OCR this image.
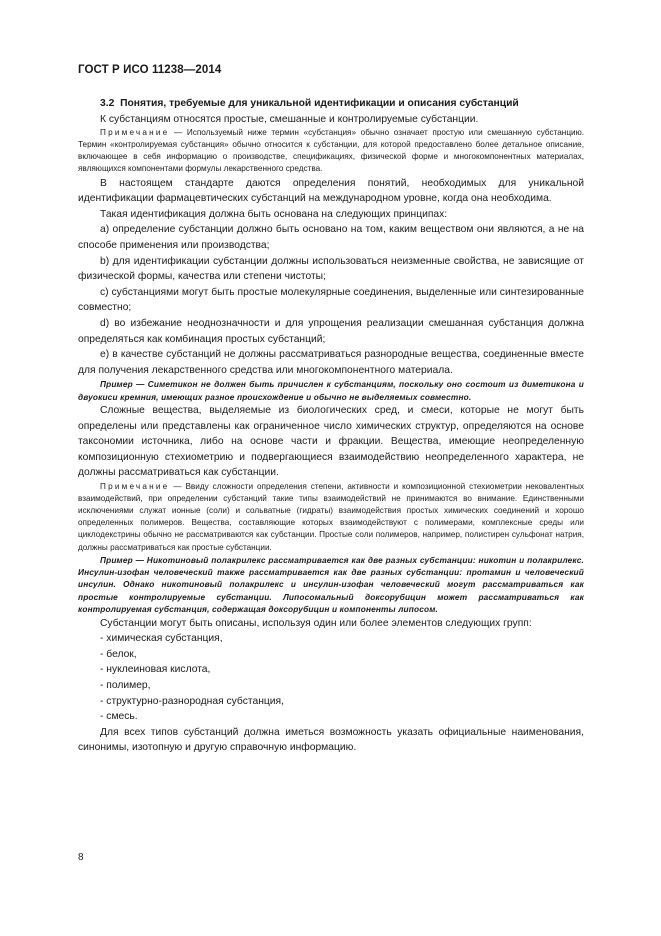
ГОСТ Р ИСО 11238—2014

3.2 Понятия, требуемые для уникальной идентификации и описания субстанций

К субстанциям относятся простые, смешанные и контролируемые субстанции.

Примечание — Используемый ниже термин «субстанция» обычно означает простую или смешанную субстанцию. Термин «контролируемая субстанция» обычно относится к субстанции, для которой предоставлено более детальное описание, включающее в себя информацию о производстве, спецификациях, физической форме и многокомпонентных материалах, являющихся компонентами формулы лекарственного средства.

В настоящем стандарте даются определения понятий, необходимых для уникальной идентификации фармацевтических субстанций на международном уровне, когда она необходима.

Такая идентификация должна быть основана на следующих принципах:

a) определение субстанции должно быть основано на том, каким веществом они являются, а не на способе применения или производства;

b) для идентификации субстанции должны использоваться неизменные свойства, не зависящие от физической формы, качества или степени чистоты;

c) субстанциями могут быть простые молекулярные соединения, выделенные или синтезированные совместно;

d) во избежание неоднозначности и для упрощения реализации смешанная субстанция должна определяться как комбинация простых субстанций;

e) в качестве субстанций не должны рассматриваться разнородные вещества, соединенные вместе для получения лекарственного средства или многокомпонентного материала.

Пример — Симетикон не должен быть причислен к субстанциям, поскольку оно состоит из диметикона и двуокиси кремния, имеющих разное происхождение и обычно не выделяемых совместно.

Сложные вещества, выделяемые из биологических сред, и смеси, которые не могут быть определены или представлены как ограниченное число химических структур, определяются на основе таксономии источника, либо на основе части и фракции. Вещества, имеющие неопределенную композиционную стехиометрию и подвергающиеся взаимодействию неопределенного характера, не должны рассматриваться как субстанции.

Примечание — Ввиду сложности определения степени, активности и композиционной стехиометрии нековалентных взаимодействий, при определении субстанций такие типы взаимодействий не принимаются во внимание. Единственными исключениями служат ионные (соли) и сольватные (гидраты) взаимодействия простых химических соединений и хорошо определенных полимеров. Вещества, составляющие которых взаимодействуют с полимерами, комплексные среды или циклодекстрины обычно не рассматриваются как субстанции. Простые соли полимеров, например, полистирен сульфонат натрия, должны рассматриваться как простые субстанции.

Пример — Никотиновый полакрилекс рассматривается как две разных субстанции: никотин и полакрилекс. Инсулин-изофан человеческий также рассматривается как две разных субстанции: протамин и человеческий инсулин. Однако никотиновый полакрилекс и инсулин-изофан человеческий могут рассматриваться как простые контролируемые субстанции. Липосомальный доксорубицин может рассматриваться как контролируемая субстанция, содержащая доксорубицин и компоненты липосом.

Субстанции могут быть описаны, используя один или более элементов следующих групп:

- химическая субстанция,
- белок,
- нуклеиновая кислота,
- полимер,
- структурно-разнородная субстанция,
- смесь.

Для всех типов субстанций должна иметься возможность указать официальные наименования, синонимы, изотопную и другую справочную информацию.

8
